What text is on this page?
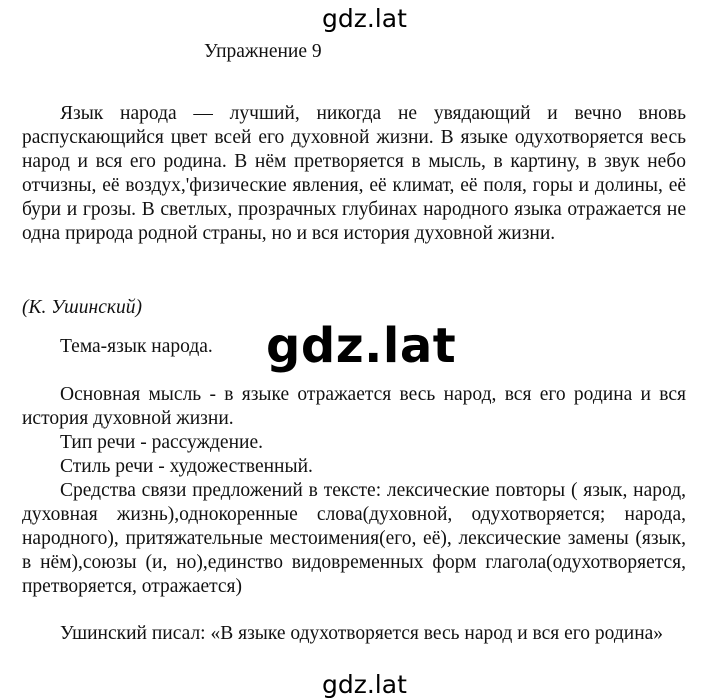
gdz.lat
Упражнение 9
Язык народа — лучший, никогда не увядающий и вечно вновь распускающийся цвет всей его духовной жизни. В языке одухотворяется весь народ и вся его родина. В нём претворяется в мысль, в картину, в звук небо отчизны, её воздух,'физические явления, её климат, её поля, горы и долины, её бури и грозы. В светлых, прозрачных глубинах народного языка отражается не одна природа родной страны, но и вся история духовной жизни.
(К. Ушинский)
Тема-язык народа. gdz.lat

Основная мысль - в языке отражается весь народ, вся его родина и вся история духовной жизни.

Тип речи - рассуждение.

Стиль речи - художественный.

Средства связи предложений в тексте: лексические повторы ( язык, народ, духовная жизнь),однокоренные слова(духовной, одухотворяется; народа, народного), притяжательные местоимения(его, её), лексические замены (язык, в нём),союзы (и, но),единство видовременных форм глагола(одухотворяется, претворяется, отражается)

Ушинский писал: «В языке одухотворяется весь народ и вся его родина»
gdz.lat
